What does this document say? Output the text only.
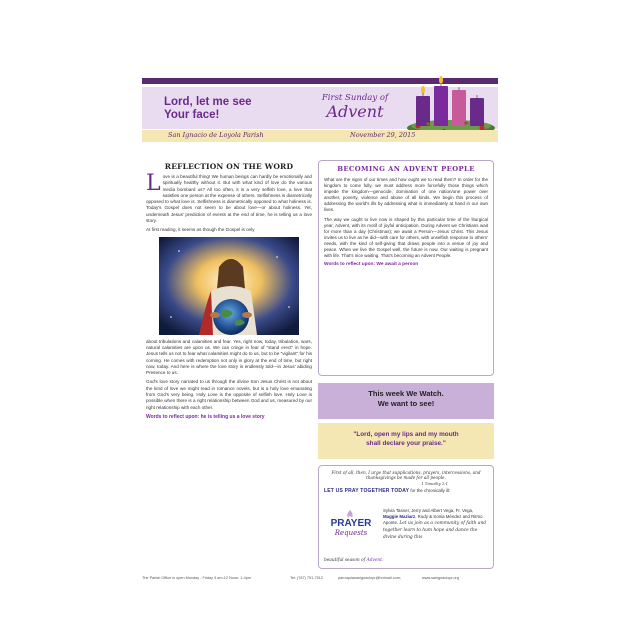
Lord, let me see
Your face!
First Sunday of
Advent
San Ignacio de Loyola Parish	November 29, 2015
REFLECTION ON THE WORD
Love is a beautiful thing! We human beings can hardly be emotionally and spiritually healthy without it. But with what kind of love do the various media bombard us? All too often, it is a very selfish love, a love that satisfies one person at the expense of others. Selfishness is diametrically opposed to what love is. Selfishness is diametrically opposed to what holiness is. Today's Gospel does not seem to be about love—or about holiness. Yet, underneath Jesus' prediction of events at the end of time, he is telling us a love story.
At first reading, it seems as though the Gospel is only
about tribulations and calamities and fear. Yes, right now, today, tribulation, wars, natural calamities are upon us. We can cringe in fear of "stand erect" in hope. Jesus tells us not to fear what calamities might do to us, but to be "vigilant" for his coming. He comes with redemption not only in glory at the end of time, but right now, today. And here is where the love story is endlessly told—in Jesus' abiding Presence to us.
God's love story narrated to us through the divine Son Jesus Christ is not about the kind of love we might read in romance novels, but is a holy love emanating from God's very being. Holy Love is the opposite of selfish love. Holy Love is possible when there is a right relationship between God and us, measured by our right relationship with each other.
Words to reflect upon: he is telling us a love story
BECOMING AN ADVENT PEOPLE
What are the signs of our times and how ought we to read them? In order for the kingdom to come fully, we must address more forcefully those things which impede the kingdom—genocide, domination of one nation/one power over another, poverty, violence and abuse of all kinds. We begin this process of addressing the world's ills by addressing what is immediately at hand in our own lives.
The way we ought to live now is shaped by this particular time of the liturgical year, Advent, with its motif of joyful anticipation. During Advent we Christians wait for more than a day (Christmas); we await a Person—Jesus Christ. This Jesus invites us to live as he did—with care for others, with unselfish response to others' needs, with the kind of self-giving that draws people into a venue of joy and peace. When we live the Gospel well, the future is now. Our waiting is pregnant with life. That's nice waiting. That's becoming an Advent People.
Words to reflect upon: We await a person
This week We Watch.
We want to see!
"Lord, open my lips and my mouth
shall declare your praise."
First of all, then, I urge that supplications, prayers, intercessions, and thanksgivings be made for all people,
1 Timothy 2:1
LET US PRAY TOGETHER TODAY for the chronically ill:
PRAYER
Requests
Sylvia Tasner, Jerry and Albert Vega, Fr. Vega, Maggie Maziarz, Rudy & Sonia Méndez and Ritmo Aponte. Let us join as a community of faith and together learn to hum hope and dance the divine during this
beautiful season of Advent.
The Parish Office is open Monday - Friday 9 am-12 Noon; 1-4pm	Tel: (787) 751-7512	parroquiasanignaciopr@hotmail.com;	www.sanignaciopr.org
